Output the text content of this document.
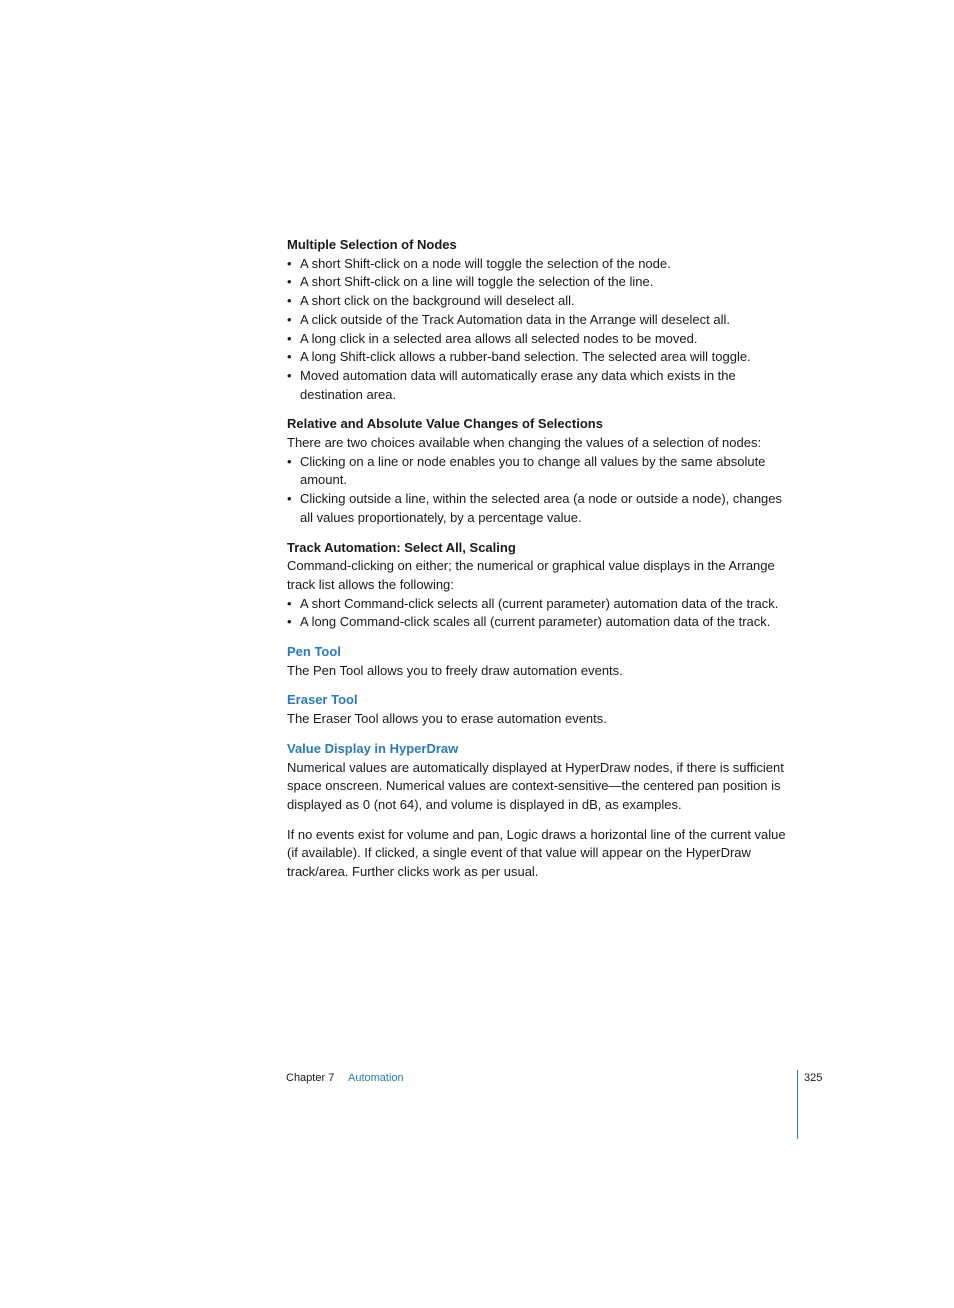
Multiple Selection of Nodes
• A short Shift-click on a node will toggle the selection of the node.
• A short Shift-click on a line will toggle the selection of the line.
• A short click on the background will deselect all.
• A click outside of the Track Automation data in the Arrange will deselect all.
• A long click in a selected area allows all selected nodes to be moved.
• A long Shift-click allows a rubber-band selection. The selected area will toggle.
• Moved automation data will automatically erase any data which exists in the destination area.
Relative and Absolute Value Changes of Selections

There are two choices available when changing the values of a selection of nodes:

• Clicking on a line or node enables you to change all values by the same absolute amount.
• Clicking outside a line, within the selected area (a node or outside a node), changes all values proportionately, by a percentage value.
Track Automation: Select All, Scaling

Command-clicking on either; the numerical or graphical value displays in the Arrange track list allows the following:

• A short Command-click selects all (current parameter) automation data of the track.
• A long Command-click scales all (current parameter) automation data of the track.
Pen Tool

The Pen Tool allows you to freely draw automation events.

Eraser Tool

The Eraser Tool allows you to erase automation events.

Value Display in HyperDraw

Numerical values are automatically displayed at HyperDraw nodes, if there is sufficient space onscreen. Numerical values are context-sensitive—the centered pan position is displayed as 0 (not 64), and volume is displayed in dB, as examples.

If no events exist for volume and pan, Logic draws a horizontal line of the current value (if available). If clicked, a single event of that value will appear on the HyperDraw track/area. Further clicks work as per usual.

Chapter 7 Automation	325
